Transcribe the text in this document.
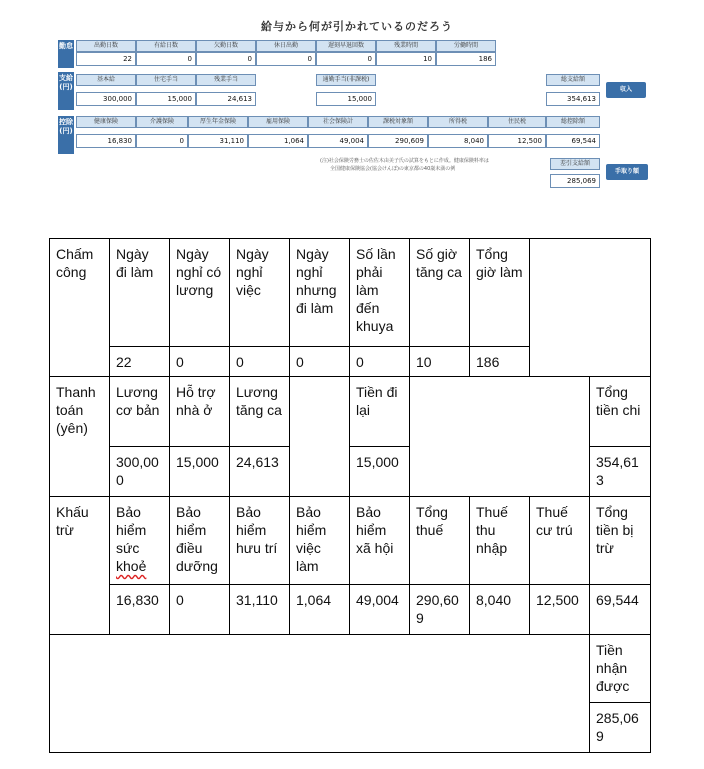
給与から何が引かれているのだろう
勤怠	出勤日数	有給日数	欠勤日数	休日出勤	遅刻早退回数	残業時間	労働時間
22	0	0	0	0	10	186
支給(円)
基本給	住宅手当	残業手当	通勤手当(非課税)	総支給額
300,000	15,000	24,613	15,000	354,613
収入
控除(円)
健康保険	介護保険	厚生年金保険	雇用保険	社会保険計	課税対象額	所得税	住民税	総控除額
16,830	0	31,110	1,064	49,004	290,609	8,040	12,500	69,544
(注)社会保険労務士の佐佐木由美子氏の試算をもとに作成。健康保険料率は
全国健康保険協会(協会けんぽ)の東京都の40歳未満の例
差引支給額
285,069
手取り額
Chấm công	Ngày đi làm	Ngày nghỉ có lương	Ngày nghỉ việc	Ngày nghỉ nhưng đi làm	Số lần phải làm đến khuya	Số giờ tăng ca	Tổng giờ làm		
	22	0	0	0	0	10	186		
Thanh toán (yên)	Lương cơ bản	Hỗ trợ nhà ở	Lương tăng ca		Tiền đi lại				Tổng tiền chi
	300,000	15,000	24,613		15,000				354,613
Khấu trừ	Bảo hiểm sức khoẻ	Bảo hiểm điều dưỡng	Bảo hiểm hưu trí	Bảo hiểm việc làm	Bảo hiểm xã hội	Tổng thuế	Thuế thu nhập	Thuế cư trú	Tổng tiền bị trừ
	16,830	0	31,110	1,064	49,004	290,609	8,040	12,500	69,544
									Tiền nhận được
									285,069
